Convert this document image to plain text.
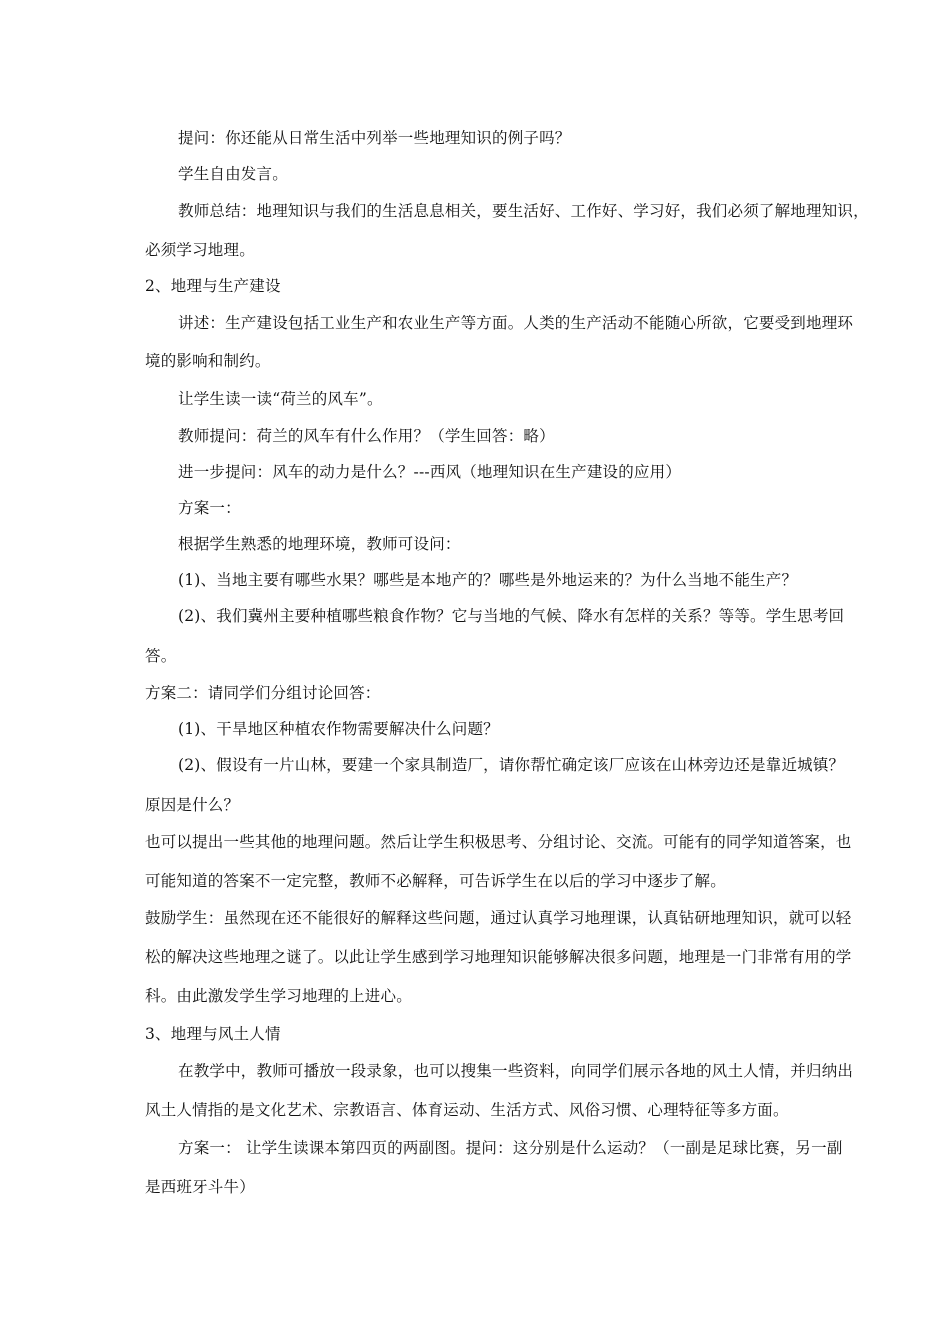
提问：你还能从日常生活中列举一些地理知识的例子吗？
学生自由发言。
教师总结：地理知识与我们的生活息息相关，要生活好、工作好、学习好，我们必须了解地理知识，
必须学习地理。
2、地理与生产建设
讲述：生产建设包括工业生产和农业生产等方面。人类的生产活动不能随心所欲，它要受到地理环
境的影响和制约。
让学生读一读“荷兰的风车”。
教师提问：荷兰的风车有什么作用？（学生回答：略）
进一步提问：风车的动力是什么？---西风（地理知识在生产建设的应用）
方案一：
根据学生熟悉的地理环境，教师可设问：
(1)、当地主要有哪些水果？哪些是本地产的？哪些是外地运来的？为什么当地不能生产？
(2)、我们冀州主要种植哪些粮食作物？它与当地的气候、降水有怎样的关系？等等。学生思考回
答。
方案二：请同学们分组讨论回答：
(1)、干旱地区种植农作物需要解决什么问题？
(2)、假设有一片山林，要建一个家具制造厂，请你帮忙确定该厂应该在山林旁边还是靠近城镇？
原因是什么？
也可以提出一些其他的地理问题。然后让学生积极思考、分组讨论、交流。可能有的同学知道答案，也
可能知道的答案不一定完整，教师不必解释，可告诉学生在以后的学习中逐步了解。
鼓励学生：虽然现在还不能很好的解释这些问题，通过认真学习地理课，认真钻研地理知识，就可以轻
松的解决这些地理之谜了。以此让学生感到学习地理知识能够解决很多问题，地理是一门非常有用的学
科。由此激发学生学习地理的上进心。
3、地理与风土人情
在教学中，教师可播放一段录象，也可以搜集一些资料，向同学们展示各地的风土人情，并归纳出
风土人情指的是文化艺术、宗教语言、体育运动、生活方式、风俗习惯、心理特征等多方面。
方案一： 让学生读课本第四页的两副图。提问：这分别是什么运动？（一副是足球比赛，另一副
是西班牙斗牛）
